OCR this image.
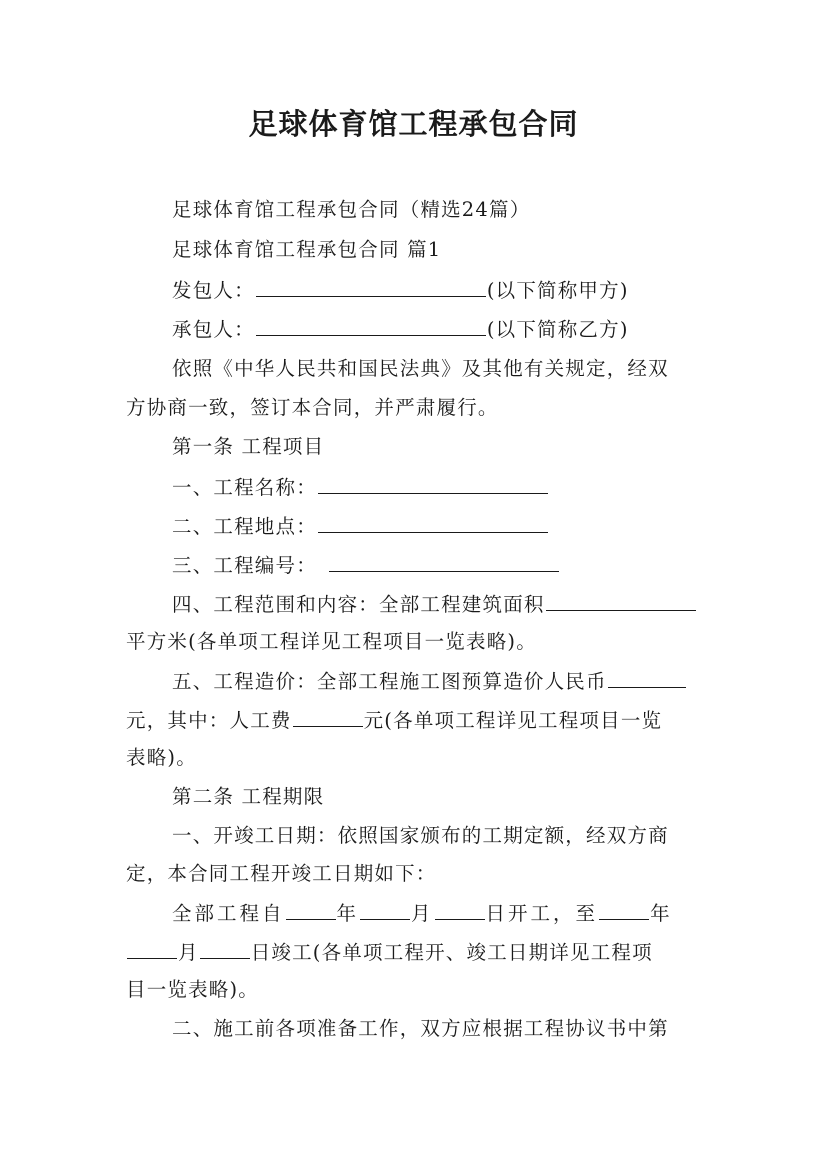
足球体育馆工程承包合同
足球体育馆工程承包合同（精选24篇）
足球体育馆工程承包合同 篇1
发包人：	(以下简称甲方)
承包人：	(以下简称乙方)
依照《中华人民共和国民法典》及其他有关规定，经双
方协商一致，签订本合同，并严肃履行。
第一条 工程项目
一、工程名称：
二、工程地点：
三、工程编号：
四、工程范围和内容：全部工程建筑面积
平方米(各单项工程详见工程项目一览表略)。
五、工程造价：全部工程施工图预算造价人民币
元，其中：人工费	元(各单项工程详见工程项目一览
表略)。
第二条 工程期限
一、开竣工日期：依照国家颁布的工期定额，经双方商
定，本合同工程开竣工日期如下：
全部工程自	年	月	日开工，至	年
月	日竣工(各单项工程开、竣工日期详见工程项
目一览表略)。
二、施工前各项准备工作，双方应根据工程协议书中第
